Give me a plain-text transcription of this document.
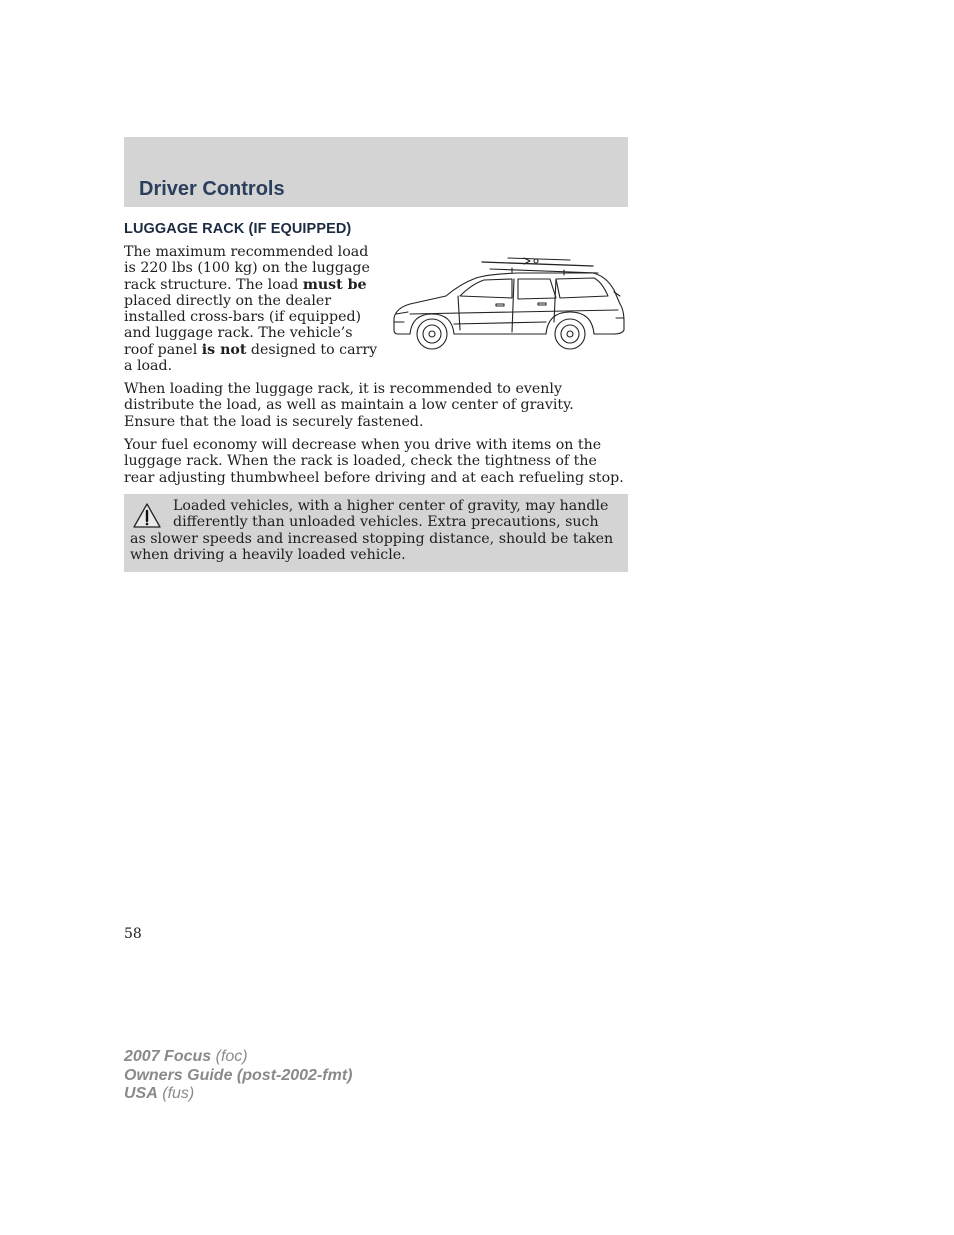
Driver Controls
LUGGAGE RACK (IF EQUIPPED)

The maximum recommended load is 220 lbs (100 kg) on the luggage rack structure. The load must be placed directly on the dealer installed cross-bars (if equipped) and luggage rack. The vehicle’s roof panel is not designed to carry a load.

When loading the luggage rack, it is recommended to evenly distribute the load, as well as maintain a low center of gravity. Ensure that the load is securely fastened.

Your fuel economy will decrease when you drive with items on the luggage rack. When the rack is loaded, check the tightness of the rear adjusting thumbwheel before driving and at each refueling stop.

Loaded vehicles, with a higher center of gravity, may handle differently than unloaded vehicles. Extra precautions, such as slower speeds and increased stopping distance, should be taken when driving a heavily loaded vehicle.

58
2007 Focus (foc)
Owners Guide (post-2002-fmt)
USA (fus)
